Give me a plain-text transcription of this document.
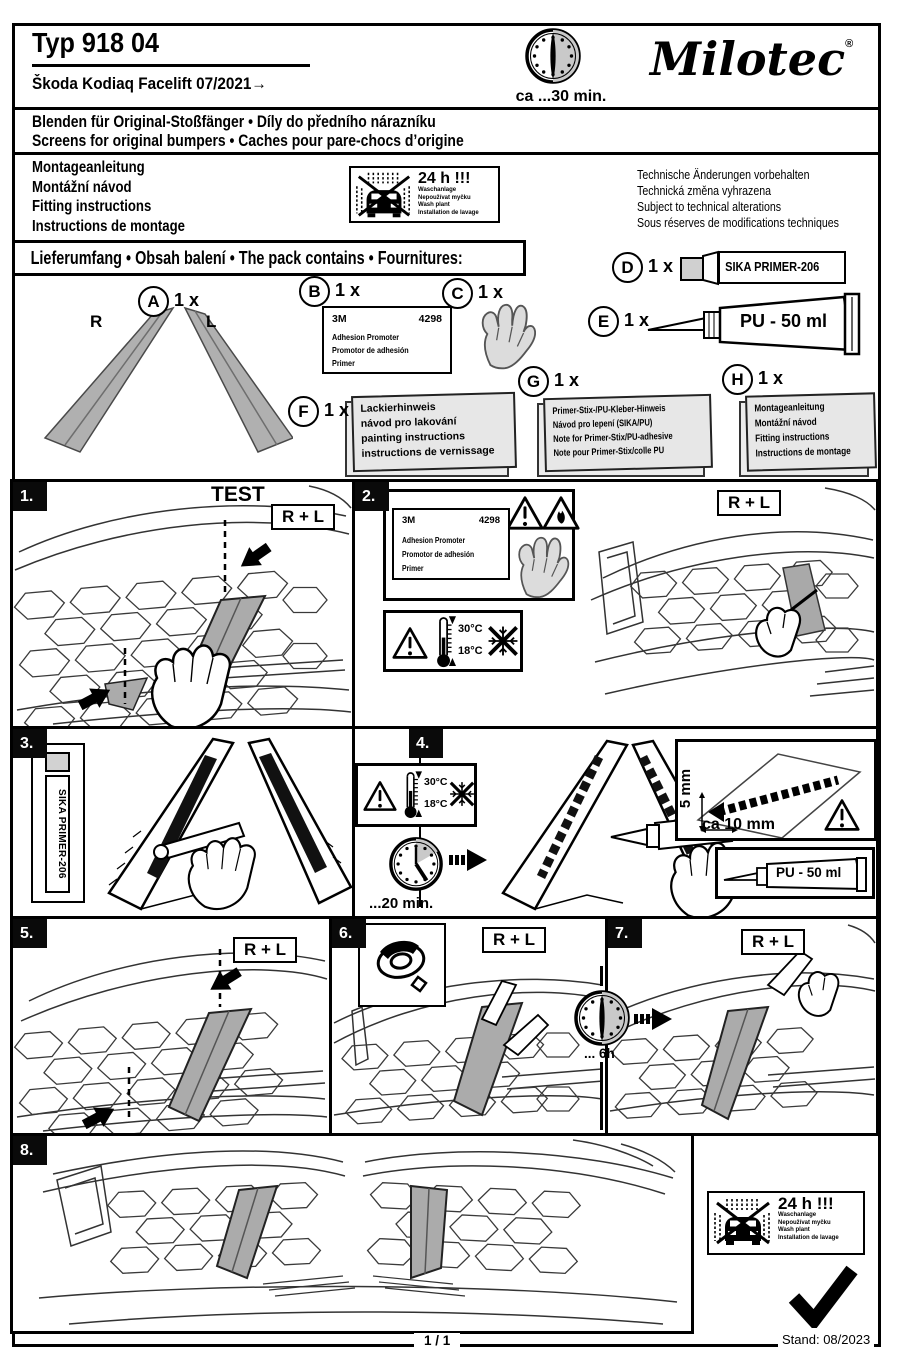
Typ 918 04
Škoda Kodiaq Facelift 07/2021→
ca ...30 min.
Milotec®
Blenden für Original-Stoßfänger • Díly do předního nárazníku
Screens for original bumpers • Caches pour pare-chocs d’origine
Montageanleitung
Montážní návod
Fitting instructions
Instructions de montage
24 h !!!
Waschanlage
Nepoužívat myčku
Wash plant
Installation de lavage
Technische Änderungen vorbehalten
Technická změna vyhrazena
Subject to technical alterations
Sous réserves de modifications techniques
Lieferumfang • Obsah balení • The pack contains • Fournitures:
A 1 x
R	L
B 1 x
3M	4298
Adhesion Promoter
Promotor de adhesión
Primer
C 1 x
D 1 x	SIKA PRIMER-206
E 1 x	PU - 50 ml
F 1 x Lackierhinweis
návod pro lakování
painting instructions
instructions de vernissage
G 1 x
Primer-Stix-/PU-Kleber-Hinweis
Návod pro lepení (SIKA/PU)
Note for Primer-Stix/PU-adhesive
Note pour Primer-Stix/colle PU
H 1 x
Montageanleitung
Montážní návod
Fitting instructions
Instructions de montage
1.	TEST
R + L
2.	R + L
3M	4298
Adhesion Promoter
Promotor de adhesión
Primer
30°C
18°C
3.
SIKA PRIMER-206
4.
30°C
18°C
...20 min.
5 mm
ca 10 mm
PU - 50 ml
5.
R + L
6.	R + L	7.	R + L
... 6h
8.
24 h !!!
Waschanlage
Nepoužívat myčku
Wash plant
Installation de lavage
1 / 1	Stand: 08/2023
